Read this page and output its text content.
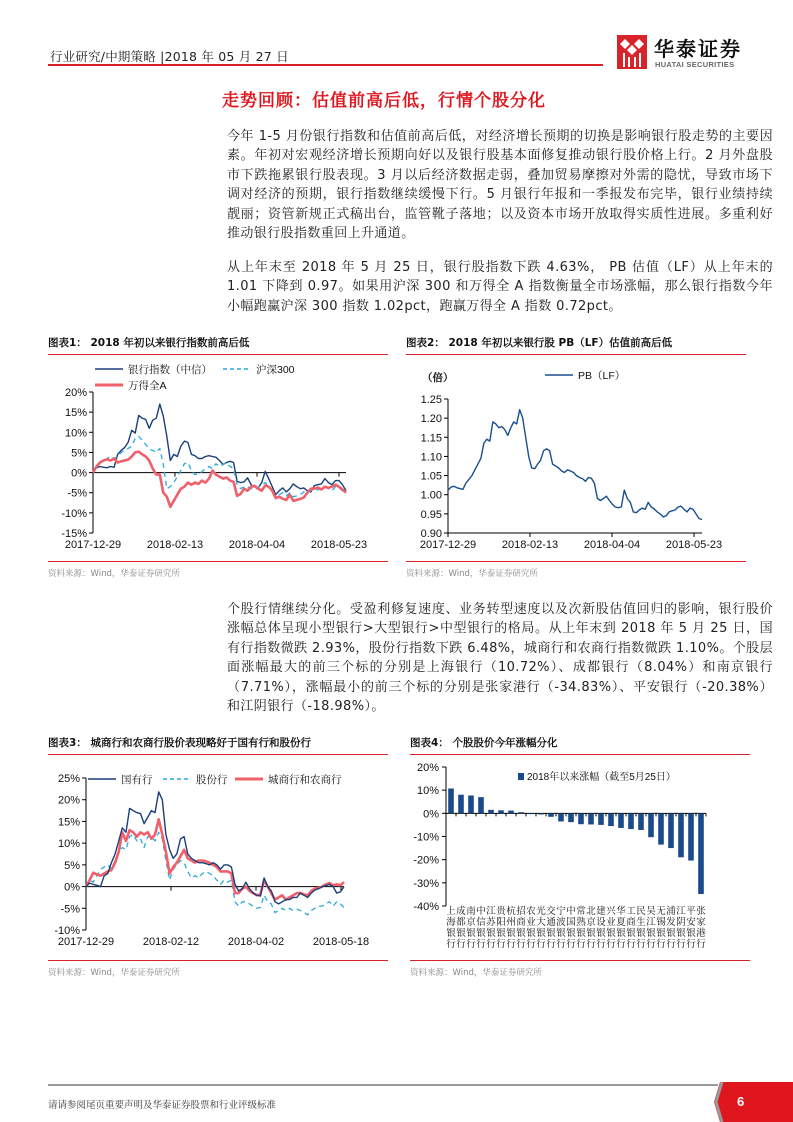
行业研究/中期策略 |2018 年 05 月 27 日	华泰证券
HUATAI SECURITIES
走势回顾：估值前高后低，行情个股分化
今年 1-5 月份银行指数和估值前高后低，对经济增长预期的切换是影响银行股走势的主要因素。年初对宏观经济增长预期向好以及银行股基本面修复推动银行股价格上行。2 月外盘股市下跌拖累银行股表现。3 月以后经济数据走弱，叠加贸易摩擦对外需的隐忧，导致市场下调对经济的预期，银行指数继续缓慢下行。5 月银行年报和一季报发布完毕，银行业绩持续靓丽；资管新规正式稿出台，监管靴子落地；以及资本市场开放取得实质性进展。多重利好推动银行股指数重回上升通道。
从上年末至 2018 年 5 月 25 日，银行股指数下跌 4.63%， PB 估值（LF）从上年末的 1.01 下降到 0.97。如果用沪深 300 和万得全 A 指数衡量全市场涨幅，那么银行指数今年小幅跑赢沪深 300 指数 1.02pct，跑赢万得全 A 指数 0.72pct。
个股行情继续分化。受盈利修复速度、业务转型速度以及次新股估值回归的影响，银行股价涨幅总体呈现小型银行>大型银行>中型银行的格局。从上年末到 2018 年 5 月 25 日，国有行指数微跌 2.93%，股份行指数下跌 6.48%，城商行和农商行指数微跌 1.10%。个股层面涨幅最大的前三个标的分别是上海银行（10.72%）、成都银行（8.04%）和南京银行（7.71%），涨幅最小的前三个标的分别是张家港行（-34.83%）、平安银行（-20.38%）和江阴银行（-18.98%）。
图表1： 2018 年初以来银行指数前高后低
银行指数（中信）	沪深300
万得全A
20%
15%
10%
5%
0%
-5%
-10%
-15%
2017-12-29 2018-02-13 2018-04-04 2018-05-23
资料来源：Wind，华泰证券研究所
图表2： 2018 年初以来银行股 PB（LF）估值前高后低
PB（LF）
（倍）
1.25
1.20
1.15
1.10
1.05
1.00
0.95
0.90
2017-12-29 2018-02-13 2018-04-04 2018-05-23
资料来源：Wind，华泰证券研究所
图表3： 城商行和农商行股价表现略好于国有行和股份行
25%
20%
15%
10%
5%
0%
-5%
-10%
2017-12-29	2018-02-12	2018-04-02	2018-05-18
国有行	股份行	城商行和农商行
资料来源：Wind，华泰证券研究所
图表4： 个股股价今年涨幅分化
20%
10%
0%
-10%
-20%
-30%
-40% 上
海
银
行
成
都
银
行
南
京
银
行
中
信
银
行
江
苏
银
行
贵
阳
银
行
杭
州
银
行
招
商
银
行
农
业
银
行
光
大
银
行
交
通
银
行
宁
波
银
行
中
国
银
行
常
熟
银
行
北
京
银
行
建
设
银
行
兴
业
银
行
华
夏
银
行
工
商
银
行
民
生
银
行
吴
江
银
行
无
锡
银
行
浦
发
银
行
江
阴
银
行
平
安
银
行
张
家
港
行
2018年以来涨幅（截至5月25日）
资料来源：Wind，华泰证券研究所
请请参阅尾页重要声明及华泰证券股票和行业评级标准	6
